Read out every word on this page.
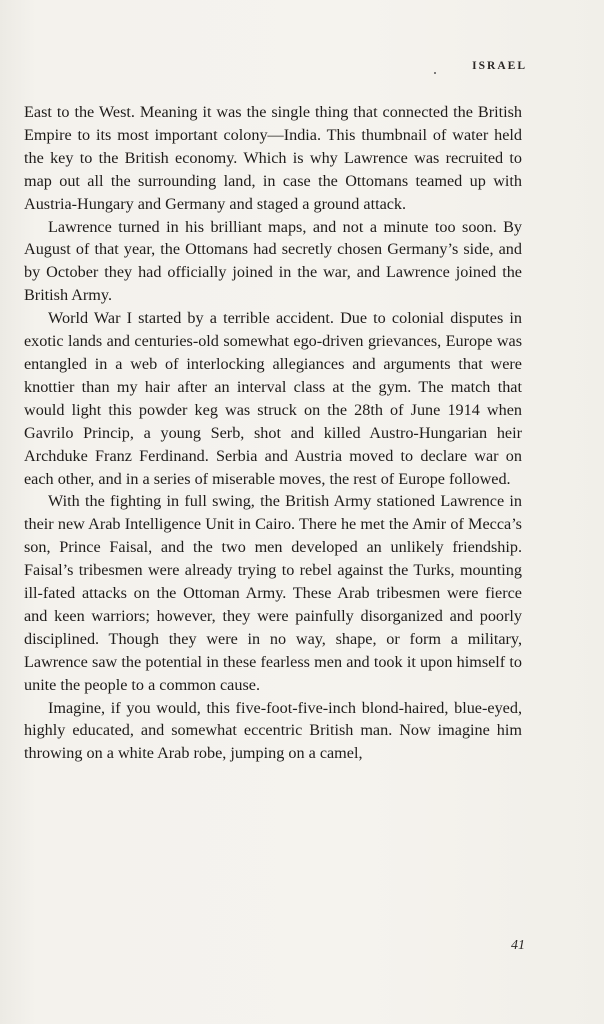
ISRAEL

East to the West. Meaning it was the single thing that connected the British Empire to its most important colony—India. This thumbnail of water held the key to the British economy. Which is why Lawrence was recruited to map out all the surrounding land, in case the Ottomans teamed up with Austria-Hungary and Germany and staged a ground attack.

Lawrence turned in his brilliant maps, and not a minute too soon. By August of that year, the Ottomans had secretly chosen Germany’s side, and by October they had officially joined in the war, and Lawrence joined the British Army.

World War I started by a terrible accident. Due to colonial disputes in exotic lands and centuries-old somewhat ego-driven grievances, Europe was entangled in a web of interlocking allegiances and arguments that were knottier than my hair after an interval class at the gym. The match that would light this powder keg was struck on the 28th of June 1914 when Gavrilo Princip, a young Serb, shot and killed Austro-Hungarian heir Archduke Franz Ferdinand. Serbia and Austria moved to declare war on each other, and in a series of miserable moves, the rest of Europe followed.

With the fighting in full swing, the British Army stationed Lawrence in their new Arab Intelligence Unit in Cairo. There he met the Amir of Mecca’s son, Prince Faisal, and the two men developed an unlikely friendship. Faisal’s tribesmen were already trying to rebel against the Turks, mounting ill-fated attacks on the Ottoman Army. These Arab tribesmen were fierce and keen warriors; however, they were painfully disorganized and poorly disciplined. Though they were in no way, shape, or form a military, Lawrence saw the potential in these fearless men and took it upon himself to unite the people to a common cause.

Imagine, if you would, this five-foot-five-inch blond-haired, blue-eyed, highly educated, and somewhat eccentric British man. Now imagine him throwing on a white Arab robe, jumping on a camel,

41
